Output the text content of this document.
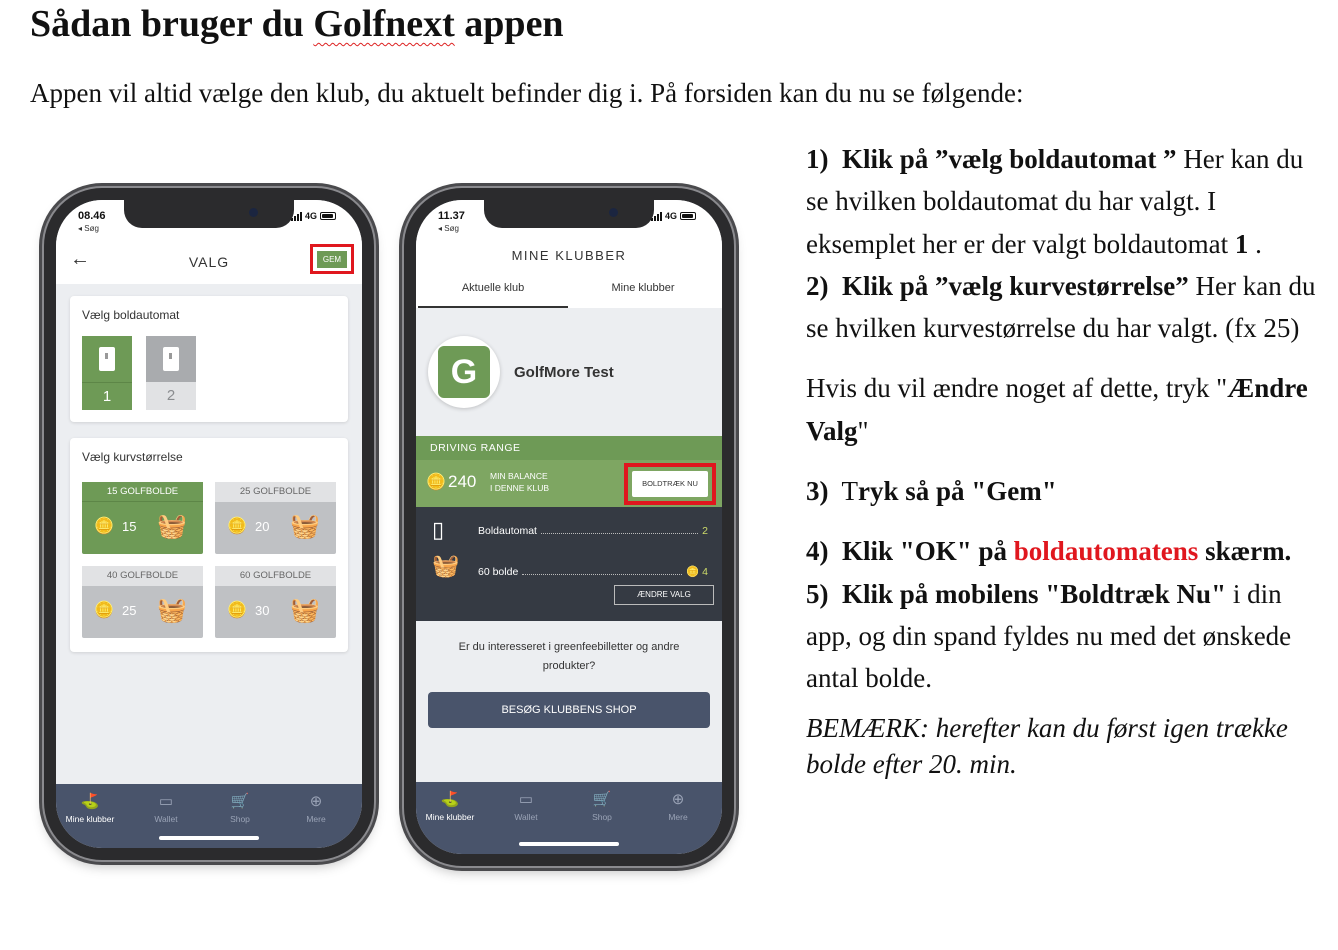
Sådan bruger du Golfnext appen

Appen vil altid vælge den klub, du aktuelt befinder dig i. På forsiden kan du nu se følgende:

1) Klik på ”vælg boldautomat ” Her kan du se hvilken boldautomat du har valgt. I eksemplet her er der valgt boldautomat 1 .

2) Klik på ”vælg kurvestørrelse” Her kan du se hvilken kurvestørrelse du har valgt. (fx 25)

Hvis du vil ændre noget af dette, tryk "Ændre Valg"

3) Tryk så på "Gem"

4) Klik "OK" på boldautomatens skærm.

5) Klik på mobilens "Boldtræk Nu" i din app, og din spand fyldes nu med det ønskede antal bolde.

BEMÆRK: herefter kan du først igen trække bolde efter 20. min.

08.46
◂ Søg
4G
←	VALG	GEM
Vælg boldautomat
1	2
Vælg kurvstørrelse
15 GOLFBOLDE
🪙 15 🧺
25 GOLFBOLDE
🪙 20 🧺
40 GOLFBOLDE
🪙 25 🧺
60 GOLFBOLDE
🪙 30 🧺
⛳
Mine klubber
▭
Wallet
🛒
Shop
⊕
Mere
11.37
◂ Søg
4G
MINE KLUBBER
Aktuelle klub	Mine klubber
G	GolfMore Test
DRIVING RANGE
🪙 240 MIN BALANCE
I DENNE KLUB	BOLDTRÆK NU
▯	Boldautomat	2
🧺 60 bolde	🪙
4
ÆNDRE VALG

Er du interesseret i greenfeebilletter og andre produkter?

BESØG KLUBBENS SHOP
⛳
Mine klubber
▭
Wallet
🛒
Shop
⊕
Mere
